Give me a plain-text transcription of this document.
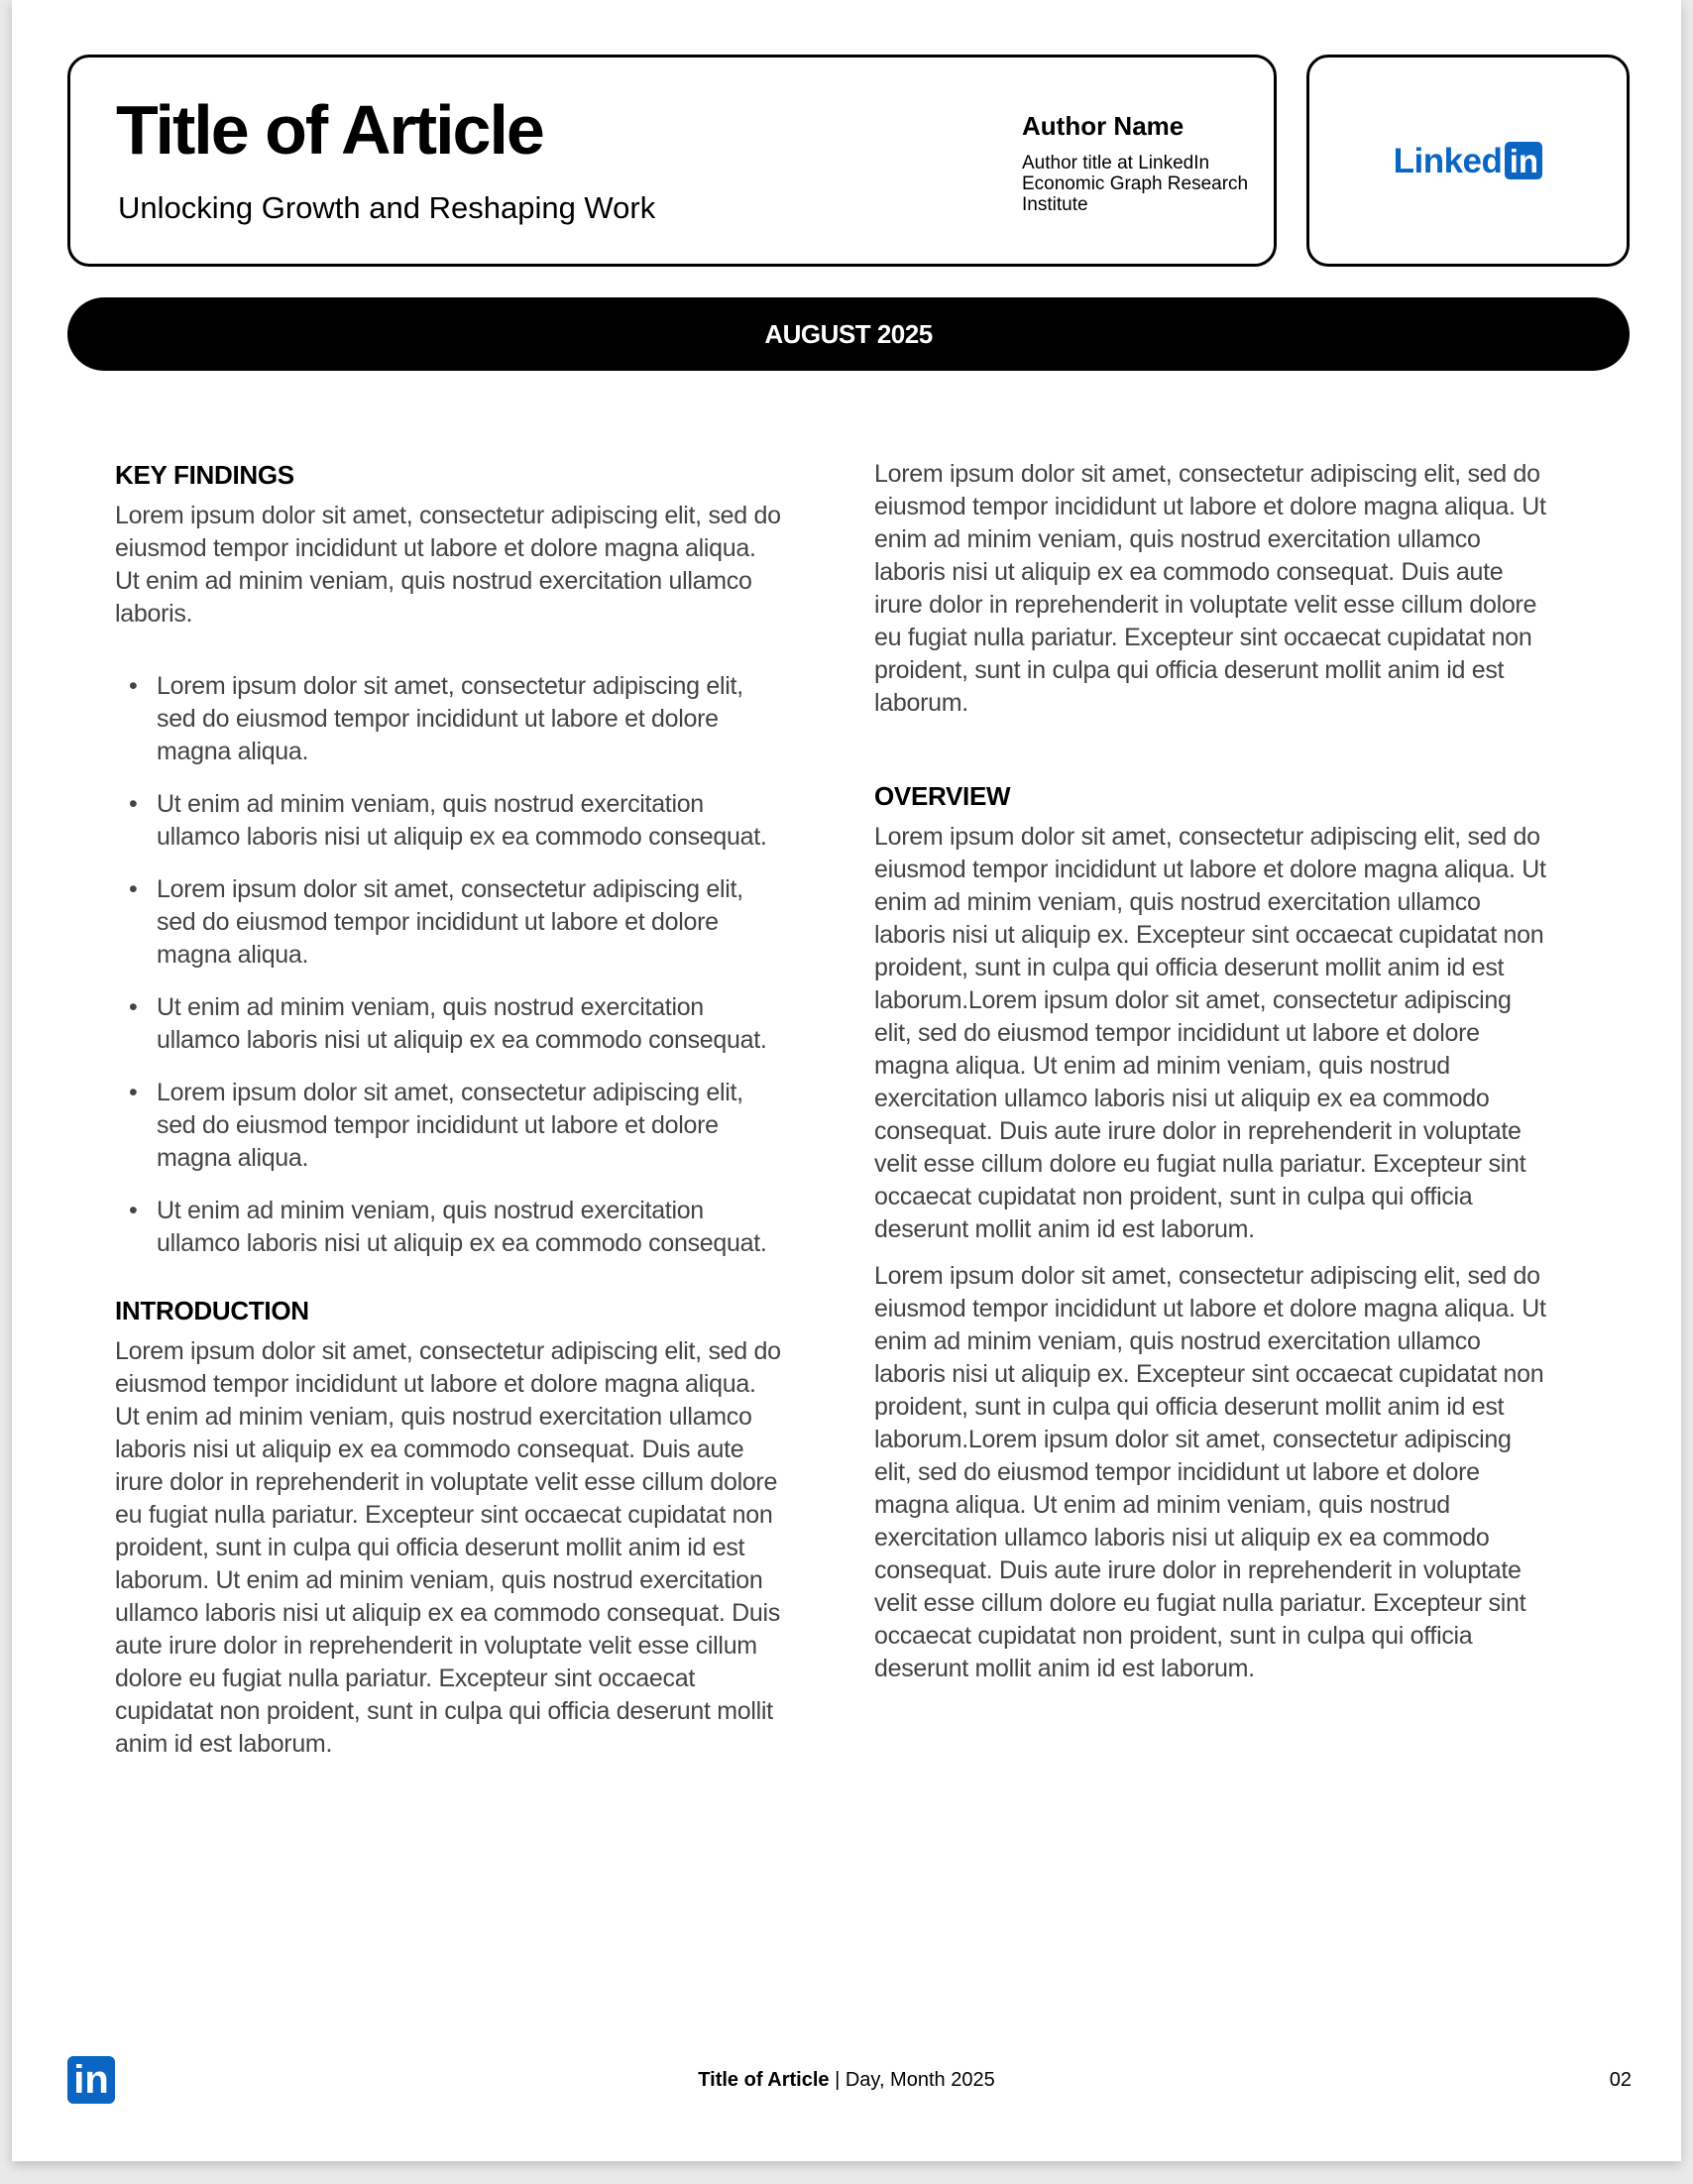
Title of Article

Unlocking Growth and Reshaping Work

Author Name

Author title at LinkedIn Economic Graph Research Institute

Linked in
AUGUST 2025
KEY FINDINGS

Lorem ipsum dolor sit amet, consectetur adipiscing elit, sed do eiusmod tempor incididunt ut labore et dolore magna aliqua. Ut enim ad minim veniam, quis nostrud exercitation ullamco laboris.

• Lorem ipsum dolor sit amet, consectetur adipiscing elit, sed do eiusmod tempor incididunt ut labore et dolore magna aliqua.
• Ut enim ad minim veniam, quis nostrud exercitation ullamco laboris nisi ut aliquip ex ea commodo consequat.
• Lorem ipsum dolor sit amet, consectetur adipiscing elit, sed do eiusmod tempor incididunt ut labore et dolore magna aliqua.
• Ut enim ad minim veniam, quis nostrud exercitation ullamco laboris nisi ut aliquip ex ea commodo consequat.
• Lorem ipsum dolor sit amet, consectetur adipiscing elit, sed do eiusmod tempor incididunt ut labore et dolore magna aliqua.
• Ut enim ad minim veniam, quis nostrud exercitation ullamco laboris nisi ut aliquip ex ea commodo consequat.
INTRODUCTION

Lorem ipsum dolor sit amet, consectetur adipiscing elit, sed do eiusmod tempor incididunt ut labore et dolore magna aliqua. Ut enim ad minim veniam, quis nostrud exercitation ullamco laboris nisi ut aliquip ex ea commodo consequat. Duis aute irure dolor in reprehenderit in voluptate velit esse cillum dolore eu fugiat nulla pariatur. Excepteur sint occaecat cupidatat non proident, sunt in culpa qui officia deserunt mollit anim id est laborum. Ut enim ad minim veniam, quis nostrud exercitation ullamco laboris nisi ut aliquip ex ea commodo consequat. Duis aute irure dolor in reprehenderit in voluptate velit esse cillum dolore eu fugiat nulla pariatur. Excepteur sint occaecat cupidatat non proident, sunt in culpa qui officia deserunt mollit anim id est laborum.

Lorem ipsum dolor sit amet, consectetur adipiscing elit, sed do eiusmod tempor incididunt ut labore et dolore magna aliqua. Ut enim ad minim veniam, quis nostrud exercitation ullamco laboris nisi ut aliquip ex ea commodo consequat. Duis aute irure dolor in reprehenderit in voluptate velit esse cillum dolore eu fugiat nulla pariatur. Excepteur sint occaecat cupidatat non proident, sunt in culpa qui officia deserunt mollit anim id est laborum.

OVERVIEW

Lorem ipsum dolor sit amet, consectetur adipiscing elit, sed do eiusmod tempor incididunt ut labore et dolore magna aliqua. Ut enim ad minim veniam, quis nostrud exercitation ullamco laboris nisi ut aliquip ex. Excepteur sint occaecat cupidatat non proident, sunt in culpa qui officia deserunt mollit anim id est laborum.Lorem ipsum dolor sit amet, consectetur adipiscing elit, sed do eiusmod tempor incididunt ut labore et dolore magna aliqua. Ut enim ad minim veniam, quis nostrud exercitation ullamco laboris nisi ut aliquip ex ea commodo consequat. Duis aute irure dolor in reprehenderit in voluptate velit esse cillum dolore eu fugiat nulla pariatur. Excepteur sint occaecat cupidatat non proident, sunt in culpa qui officia deserunt mollit anim id est laborum.

Lorem ipsum dolor sit amet, consectetur adipiscing elit, sed do eiusmod tempor incididunt ut labore et dolore magna aliqua. Ut enim ad minim veniam, quis nostrud exercitation ullamco laboris nisi ut aliquip ex. Excepteur sint occaecat cupidatat non proident, sunt in culpa qui officia deserunt mollit anim id est laborum.Lorem ipsum dolor sit amet, consectetur adipiscing elit, sed do eiusmod tempor incididunt ut labore et dolore magna aliqua. Ut enim ad minim veniam, quis nostrud exercitation ullamco laboris nisi ut aliquip ex ea commodo consequat. Duis aute irure dolor in reprehenderit in voluptate velit esse cillum dolore eu fugiat nulla pariatur. Excepteur sint occaecat cupidatat non proident, sunt in culpa qui officia deserunt mollit anim id est laborum.

in	Title of Article | Day, Month 2025	02
